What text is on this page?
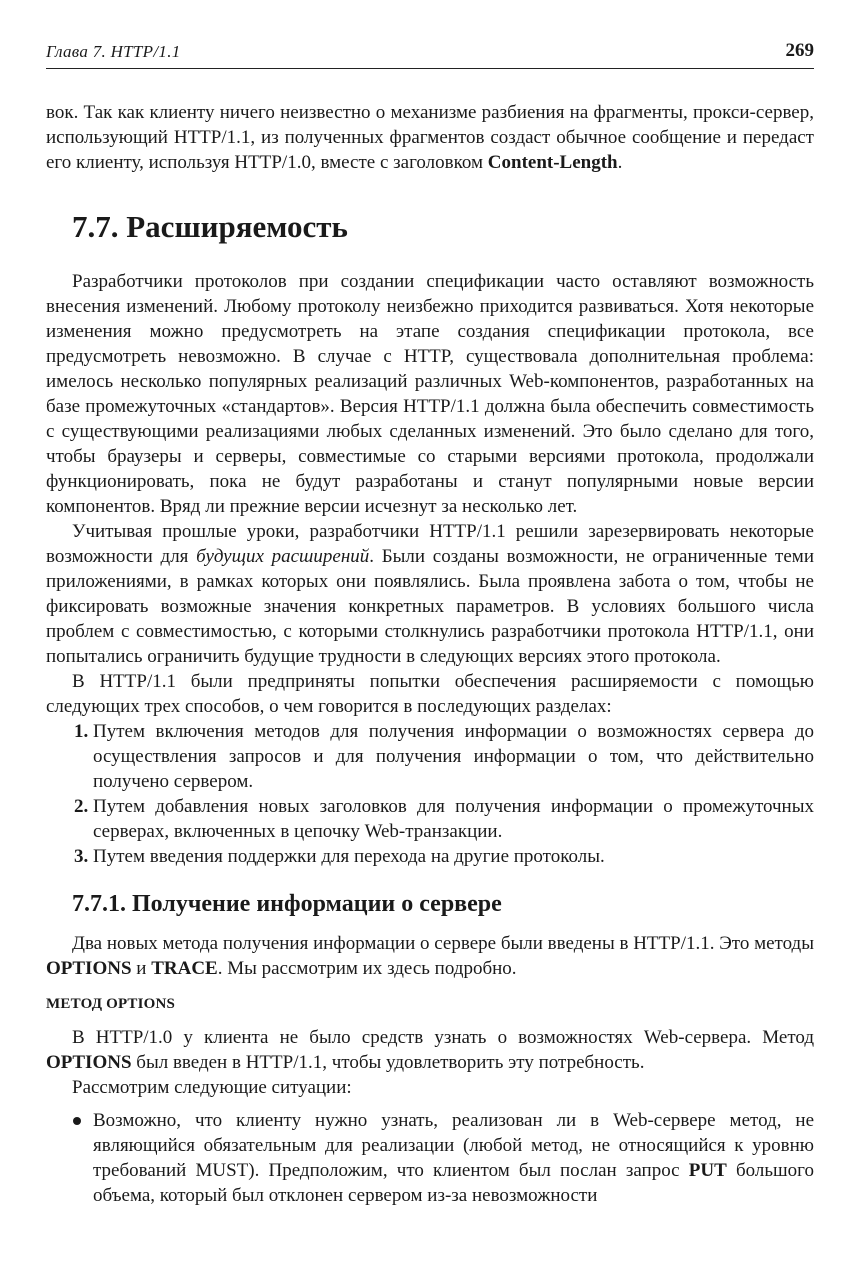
Глава 7. HTTP/1.1	269

вок. Так как клиенту ничего неизвестно о механизме разбиения на фрагменты, прокси-сервер, использующий HTTP/1.1, из полученных фрагментов создаст обычное сообщение и передаст его клиенту, используя HTTP/1.0, вместе с заголовком Content-Length.

7.7. Расширяемость

Разработчики протоколов при создании спецификации часто оставляют возможность внесения изменений. Любому протоколу неизбежно приходится развиваться. Хотя некоторые изменения можно предусмотреть на этапе создания спецификации протокола, все предусмотреть невозможно. В случае с HTTP, существовала дополнительная проблема: имелось несколько популярных реализаций различных Web-компонентов, разработанных на базе промежуточных «стандартов». Версия HTTP/1.1 должна была обеспечить совместимость с существующими реализациями любых сделанных изменений. Это было сделано для того, чтобы браузеры и серверы, совместимые со старыми версиями протокола, продолжали функционировать, пока не будут разработаны и станут популярными новые версии компонентов. Вряд ли прежние версии исчезнут за несколько лет.

Учитывая прошлые уроки, разработчики HTTP/1.1 решили зарезервировать некоторые возможности для будущих расширений. Были созданы возможности, не ограниченные теми приложениями, в рамках которых они появлялись. Была проявлена забота о том, чтобы не фиксировать возможные значения конкретных параметров. В условиях большого числа проблем с совместимостью, с которыми столкнулись разработчики протокола HTTP/1.1, они попытались ограничить будущие трудности в следующих версиях этого протокола.

В HTTP/1.1 были предприняты попытки обеспечения расширяемости с помощью следующих трех способов, о чем говорится в последующих разделах:

1. Путем включения методов для получения информации о возможностях сервера до осуществления запросов и для получения информации о том, что действительно получено сервером.
2. Путем добавления новых заголовков для получения информации о промежуточных серверах, включенных в цепочку Web-транзакции.
3. Путем введения поддержки для перехода на другие протоколы.
7.7.1. Получение информации о сервере

Два новых метода получения информации о сервере были введены в HTTP/1.1. Это методы OPTIONS и TRACE. Мы рассмотрим их здесь подробно.

МЕТОД OPTIONS

В HTTP/1.0 у клиента не было средств узнать о возможностях Web-сервера. Метод OPTIONS был введен в HTTP/1.1, чтобы удовлетворить эту потребность.

Рассмотрим следующие ситуации:

Возможно, что клиенту нужно узнать, реализован ли в Web-сервере метод, не являющийся обязательным для реализации (любой метод, не относящийся к уровню требований MUST). Предположим, что клиентом был послан запрос PUT большого объема, который был отклонен сервером из-за невозможности
